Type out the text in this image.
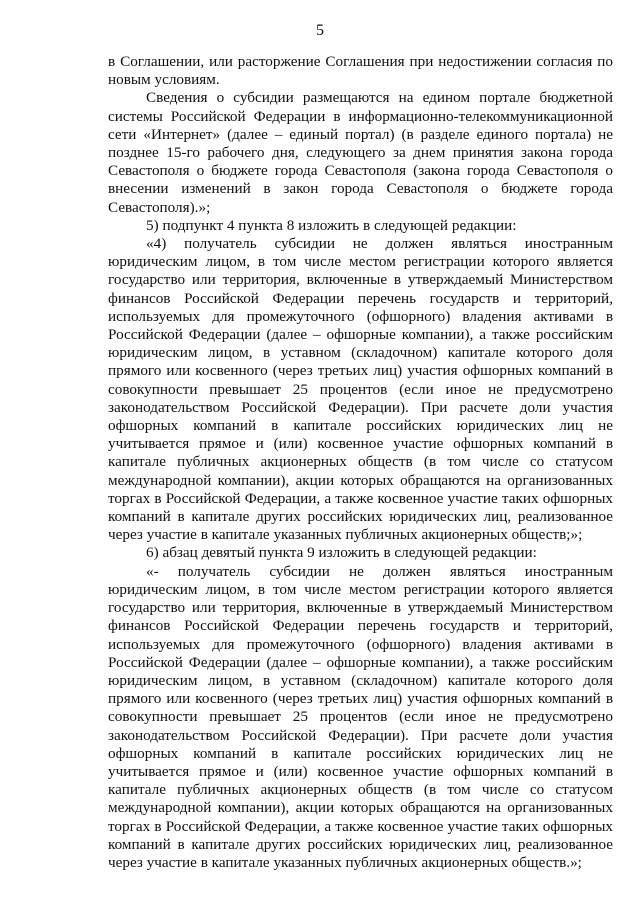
5

в Соглашении, или расторжение Соглашения при недостижении согласия по новым условиям.

Сведения о субсидии размещаются на едином портале бюджетной системы Российской Федерации в информационно-телекоммуникационной сети «Интернет» (далее – единый портал) (в разделе единого портала) не позднее 15-го рабочего дня, следующего за днем принятия закона города Севастополя о бюджете города Севастополя (закона города Севастополя о внесении изменений в закон города Севастополя о бюджете города Севастополя).»;

5) подпункт 4 пункта 8 изложить в следующей редакции:

«4) получатель субсидии не должен являться иностранным юридическим лицом, в том числе местом регистрации которого является государство или территория, включенные в утверждаемый Министерством финансов Российской Федерации перечень государств и территорий, используемых для промежуточного (офшорного) владения активами в Российской Федерации (далее – офшорные компании), а также российским юридическим лицом, в уставном (складочном) капитале которого доля прямого или косвенного (через третьих лиц) участия офшорных компаний в совокупности превышает 25 процентов (если иное не предусмотрено законодательством Российской Федерации). При расчете доли участия офшорных компаний в капитале российских юридических лиц не учитывается прямое и (или) косвенное участие офшорных компаний в капитале публичных акционерных обществ (в том числе со статусом международной компании), акции которых обращаются на организованных торгах в Российской Федерации, а также косвенное участие таких офшорных компаний в капитале других российских юридических лиц, реализованное через участие в капитале указанных публичных акционерных обществ;»;

6) абзац девятый пункта 9 изложить в следующей редакции:

«- получатель субсидии не должен являться иностранным юридическим лицом, в том числе местом регистрации которого является государство или территория, включенные в утверждаемый Министерством финансов Российской Федерации перечень государств и территорий, используемых для промежуточного (офшорного) владения активами в Российской Федерации (далее – офшорные компании), а также российским юридическим лицом, в уставном (складочном) капитале которого доля прямого или косвенного (через третьих лиц) участия офшорных компаний в совокупности превышает 25 процентов (если иное не предусмотрено законодательством Российской Федерации). При расчете доли участия офшорных компаний в капитале российских юридических лиц не учитывается прямое и (или) косвенное участие офшорных компаний в капитале публичных акционерных обществ (в том числе со статусом международной компании), акции которых обращаются на организованных торгах в Российской Федерации, а также косвенное участие таких офшорных компаний в капитале других российских юридических лиц, реализованное через участие в капитале указанных публичных акционерных обществ.»;
